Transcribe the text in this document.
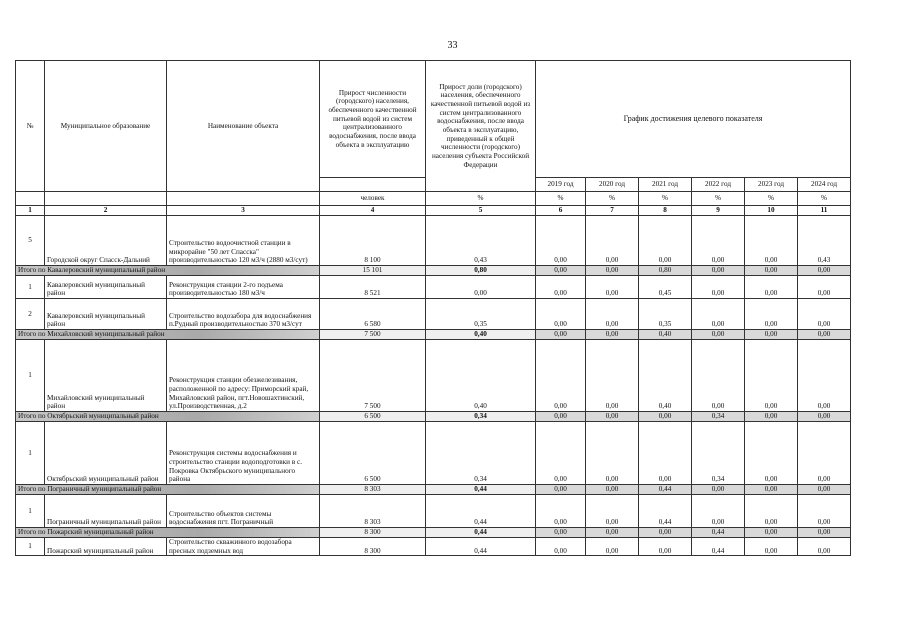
33
№	Муниципальное образование	Наименование объекта	Прирост численности (городского) населения, обеспеченного качественной питьевой водой из систем централизованного водоснабжения, после ввода объекта в эксплуатацию	Прирост доли (городского) населения, обеспеченного качественной питьевой водой из систем централизованного водоснабжения, после ввода объекта в эксплуатацию, приведенный к общей численности (городского) населения субъекта Российской Федерации	График достижения целевого показателя					
					2019 год	2020 год	2021 год	2022 год	2023 год	2024 год
			человек	%	%	%	%	%	%	%
1	2	3	4	5	6	7	8	9	10	11
5	Городской округ Спасск-Дальний	Строительство водоочистной станции в микрорайне "50 лет Спасска" производительностью 120 м3/ч (2880 м3/сут)	8 100	0,43	0,00	0,00	0,00	0,00	0,00	0,43
Итого по Кавалеровский муниципальный район			15 101	0,80	0,00	0,00	0,80	0,00	0,00	0,00
1	Кавалеровский муниципальный район	Реконструкция станции 2-го подъема производительностью 180 м3/ч	8 521	0,00	0,00	0,00	0,45	0,00	0,00	0,00
2	Кавалеровский муниципальный район	Строительство водозабора для водоснабжения п.Рудный производительностью 370 м3/сут	6 580	0,35	0,00	0,00	0,35	0,00	0,00	0,00
Итого по Михайловский муниципальный район			7 500	0,40	0,00	0,00	0,40	0,00	0,00	0,00
1	Михайловский муниципальный район	Реконструкция станции обезжелезивания, расположенной по адресу: Приморский край, Михайловский район, пгт.Новошахтинский, ул.Производственная, д.2	7 500	0,40	0,00	0,00	0,40	0,00	0,00	0,00
Итого по Октябрьский муниципальный район			6 500	0,34	0,00	0,00	0,00	0,34	0,00	0,00
1	Октябрьский муниципальный район	Реконструкция системы водоснабжения и строительство станции водоподготовки в с. Покровка Октябрьского муниципального района	6 500	0,34	0,00	0,00	0,00	0,34	0,00	0,00
Итого по Пограничный муниципальный район			8 303	0,44	0,00	0,00	0,44	0,00	0,00	0,00
1	Пограничный муниципальный район	Строительство объектов системы водоснабжения пгт. Пограничный	8 303	0,44	0,00	0,00	0,44	0,00	0,00	0,00
Итого по Пожарский муниципальный район			8 300	0,44	0,00	0,00	0,00	0,44	0,00	0,00
1	Пожарский муниципальный район	Строительство скважинного водозабора пресных подземных вод	8 300	0,44	0,00	0,00	0,00	0,44	0,00	0,00
